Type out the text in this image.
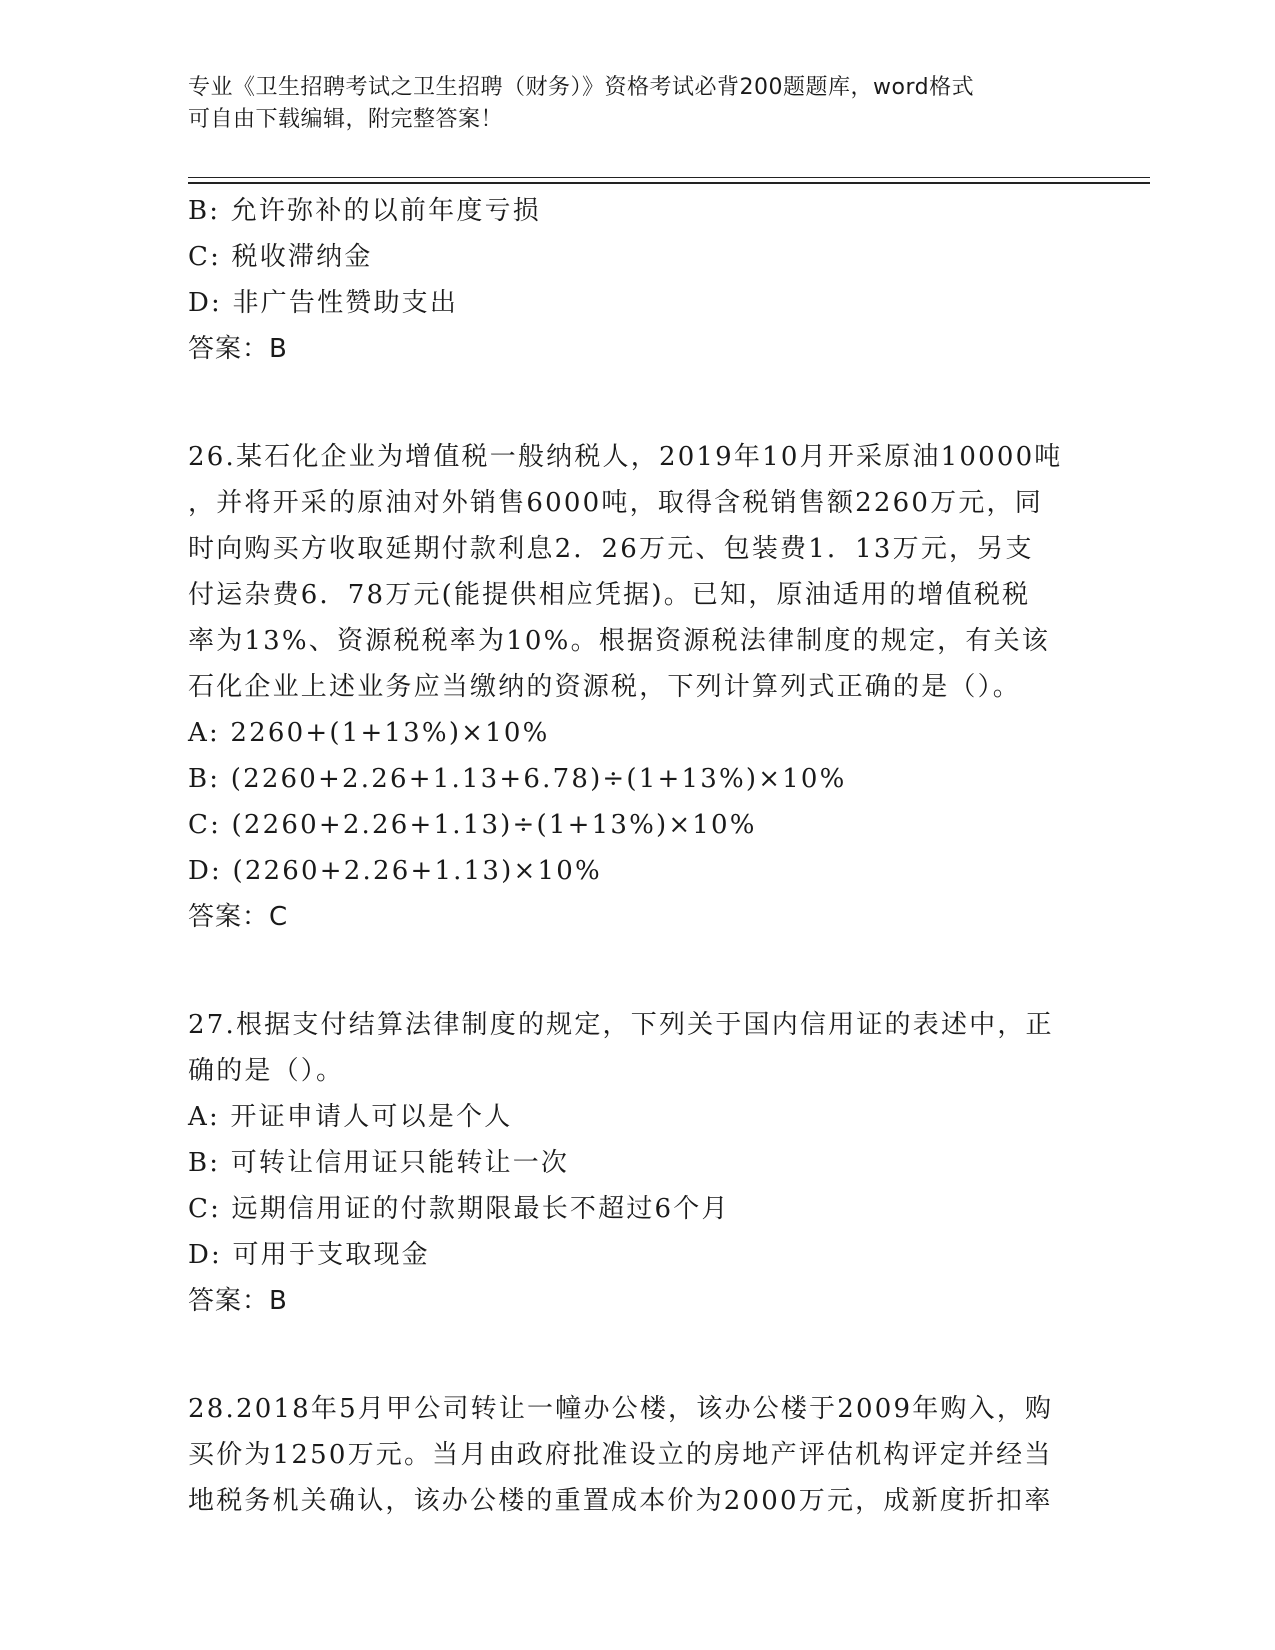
专业《卫生招聘考试之卫生招聘（财务）》资格考试必背200题题库，word格式
可自由下载编辑，附完整答案！
B: 允许弥补的以前年度亏损
C: 税收滞纳金
D: 非广告性赞助支出
答案：B
26.某石化企业为增值税一般纳税人，2019年10月开采原油10000吨
，并将开采的原油对外销售6000吨，取得含税销售额2260万元，同
时向购买方收取延期付款利息2．26万元、包装费1．13万元，另支
付运杂费6．78万元(能提供相应凭据)。已知，原油适用的增值税税
率为13%、资源税税率为10%。根据资源税法律制度的规定，有关该
石化企业上述业务应当缴纳的资源税，下列计算列式正确的是（）。
A: 2260+(1+13%)×10%
B: (2260+2.26+1.13+6.78)÷(1+13%)×10%
C: (2260+2.26+1.13)÷(1+13%)×10%
D: (2260+2.26+1.13)×10%
答案：C
27.根据支付结算法律制度的规定，下列关于国内信用证的表述中，正
确的是（）。
A: 开证申请人可以是个人
B: 可转让信用证只能转让一次
C: 远期信用证的付款期限最长不超过6个月
D: 可用于支取现金
答案：B
28.2018年5月甲公司转让一幢办公楼，该办公楼于2009年购入，购
买价为1250万元。当月由政府批准设立的房地产评估机构评定并经当
地税务机关确认，该办公楼的重置成本价为2000万元，成新度折扣率
